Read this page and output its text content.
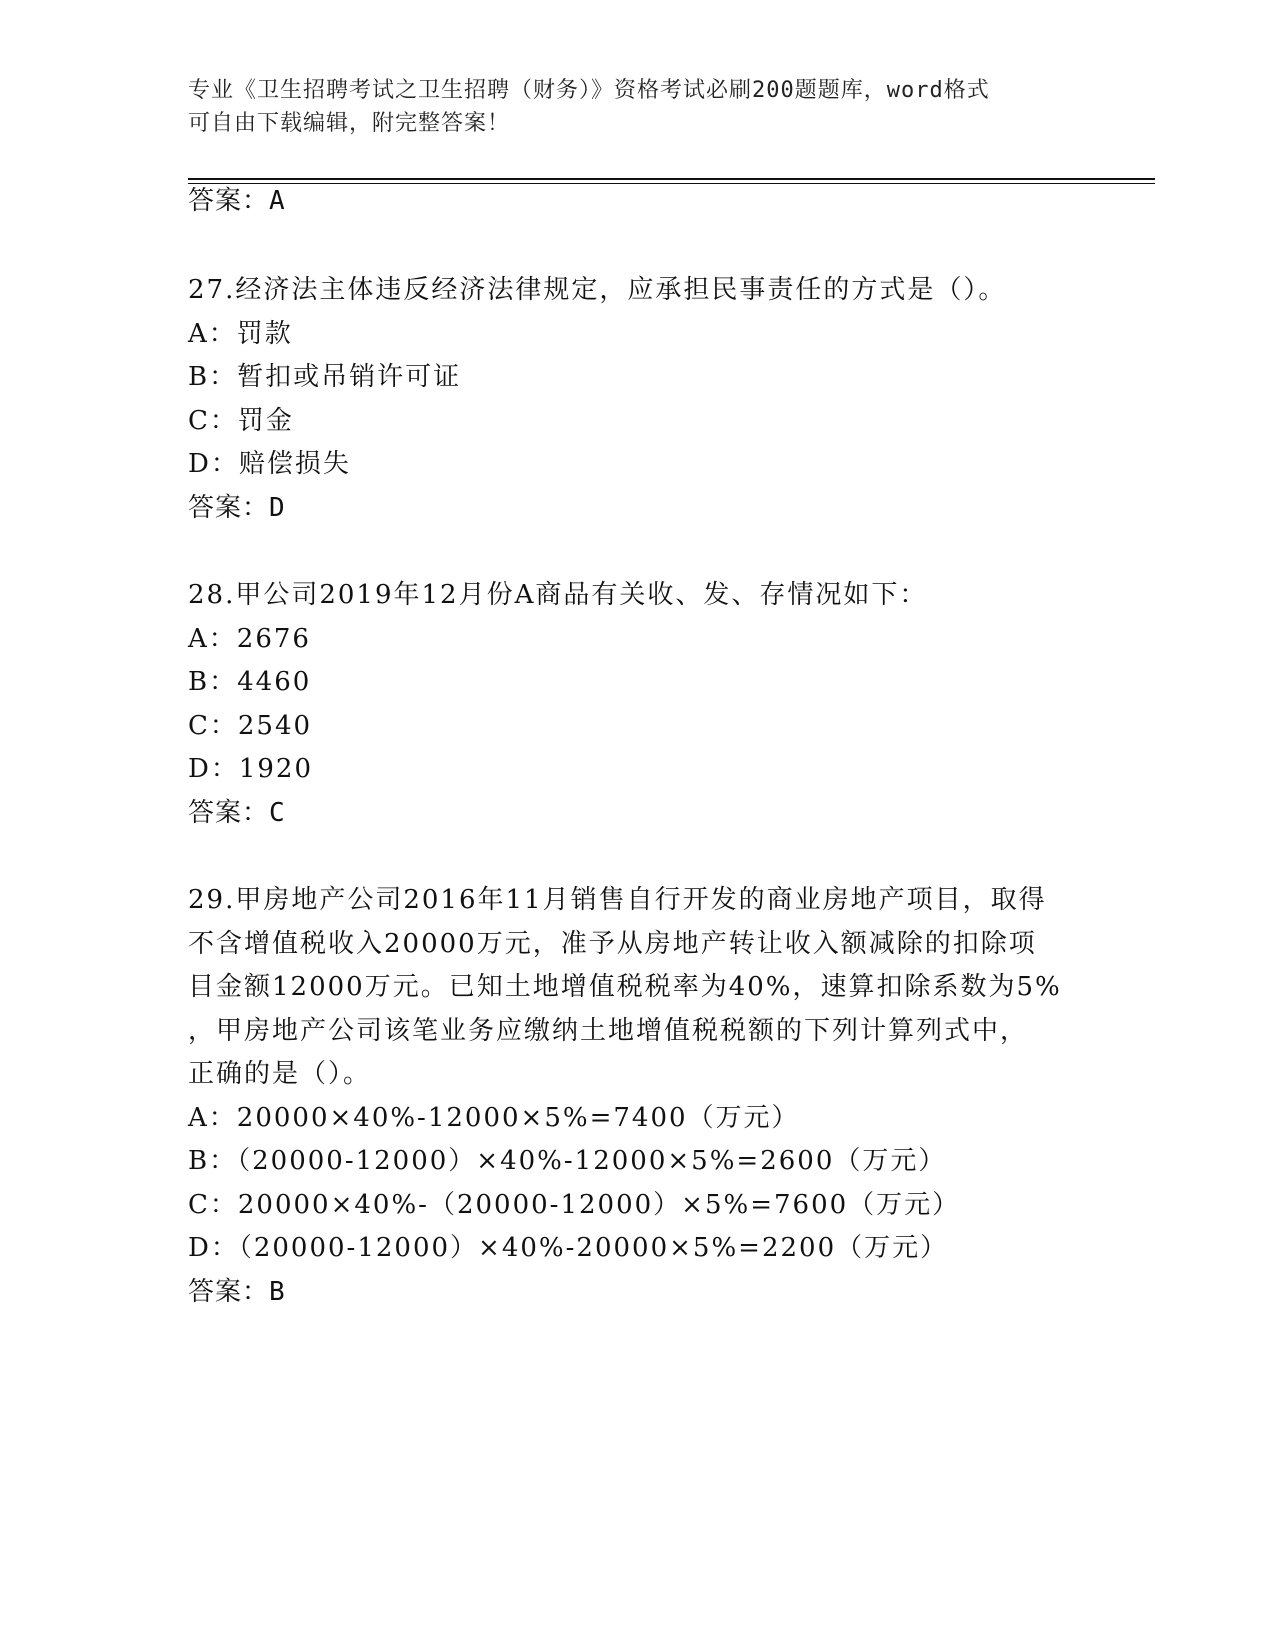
专业《卫生招聘考试之卫生招聘（财务）》资格考试必刷200题题库，word格式
可自由下载编辑，附完整答案！
答案：A
27.经济法主体违反经济法律规定，应承担民事责任的方式是（）。
A：罚款
B：暂扣或吊销许可证
C：罚金
D：赔偿损失
答案：D
28.甲公司2019年12月份A商品有关收、发、存情况如下：
A：2676
B：4460
C：2540
D：1920
答案：C
29.甲房地产公司2016年11月销售自行开发的商业房地产项目，取得
不含增值税收入20000万元，准予从房地产转让收入额减除的扣除项
目金额12000万元。已知土地增值税税率为40%，速算扣除系数为5%
，甲房地产公司该笔业务应缴纳土地增值税税额的下列计算列式中，
正确的是（）。
A：20000×40%-12000×5%=7400（万元）
B：（20000-12000）×40%-12000×5%=2600（万元）
C：20000×40%-（20000-12000）×5%=7600（万元）
D：（20000-12000）×40%-20000×5%=2200（万元）
答案：B
